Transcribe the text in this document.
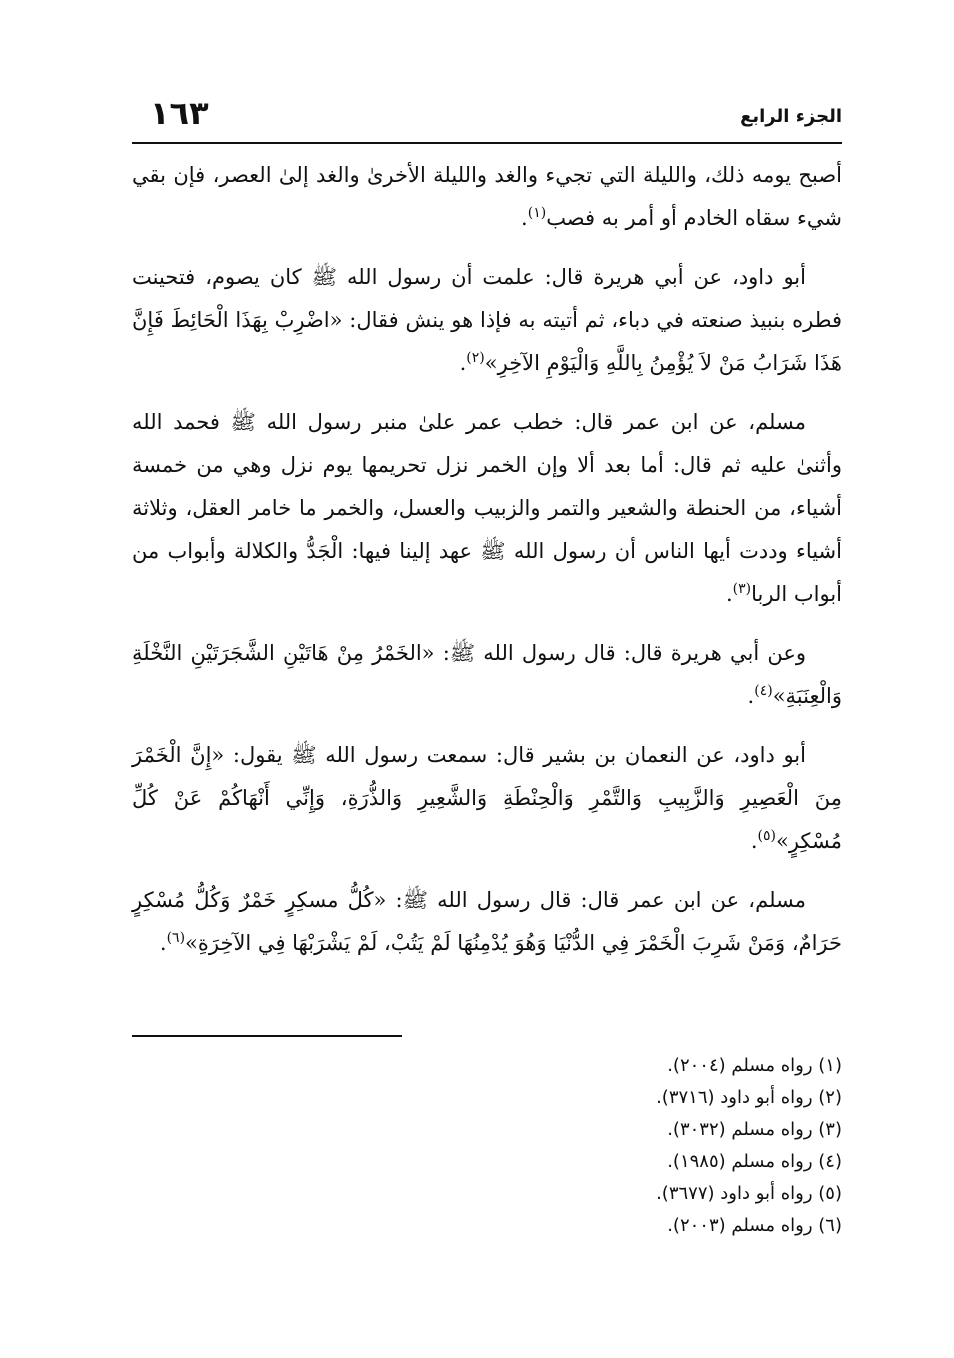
الجزء الرابع
١٦٣

أصبح يومه ذلك، والليلة التي تجيء والغد والليلة الأخرىٰ والغد إلىٰ العصر، فإن بقي شيء سقاه الخادم أو أمر به فصب$^{(١)}$.

أبو داود، عن أبي هريرة قال: علمت أن رسول الله ﷺ كان يصوم، فتحينت فطره بنبيذ صنعته في دباء، ثم أتيته به فإذا هو ينش فقال: «اضْرِبْ بِهَذَا الْحَائِطَ فَإِنَّ هَذَا شَرَابُ مَنْ لاَ يُؤْمِنُ بِاللَّهِ وَالْيَوْمِ الآخِرِ»$^{(٢)}$.

مسلم، عن ابن عمر قال: خطب عمر علىٰ منبر رسول الله ﷺ فحمد الله وأثنىٰ عليه ثم قال: أما بعد ألا وإن الخمر نزل تحريمها يوم نزل وهي من خمسة أشياء، من الحنطة والشعير والتمر والزبيب والعسل، والخمر ما خامر العقل، وثلاثة أشياء وددت أيها الناس أن رسول الله ﷺ عهد إلينا فيها: الْجَدُّ والكلالة وأبواب من أبواب الربا$^{(٣)}$.

وعن أبي هريرة قال: قال رسول الله ﷺ: «الخَمْرُ مِنْ هَاتَيْنِ الشَّجَرَتَيْنِ النَّخْلَةِ وَالْعِنَبَةِ»$^{(٤)}$.

أبو داود، عن النعمان بن بشير قال: سمعت رسول الله ﷺ يقول: «إِنَّ الْخَمْرَ مِنَ الْعَصِيرِ وَالزَّبِيبِ وَالتَّمْرِ وَالْحِنْطَةِ وَالشَّعِيرِ وَالذُّرَةِ، وَإِنِّي أَنْهَاكُمْ عَنْ كُلِّ مُسْكِرٍ»$^{(٥)}$.

مسلم، عن ابن عمر قال: قال رسول الله ﷺ: «كُلُّ مسكِرٍ خَمْرٌ وَكُلُّ مُسْكِرٍ حَرَامٌ، وَمَنْ شَرِبَ الْخَمْرَ فِي الدُّنْيَا وَهُوَ يُدْمِنُهَا لَمْ يَتُبْ، لَمْ يَشْرَبْهَا فِي الآخِرَةِ»$^{(٦)}$.

(١) رواه مسلم (٢٠٠٤).
(٢) رواه أبو داود (٣٧١٦).
(٣) رواه مسلم (٣٠٣٢).
(٤) رواه مسلم (١٩٨٥).
(٥) رواه أبو داود (٣٦٧٧).
(٦) رواه مسلم (٢٠٠٣).
